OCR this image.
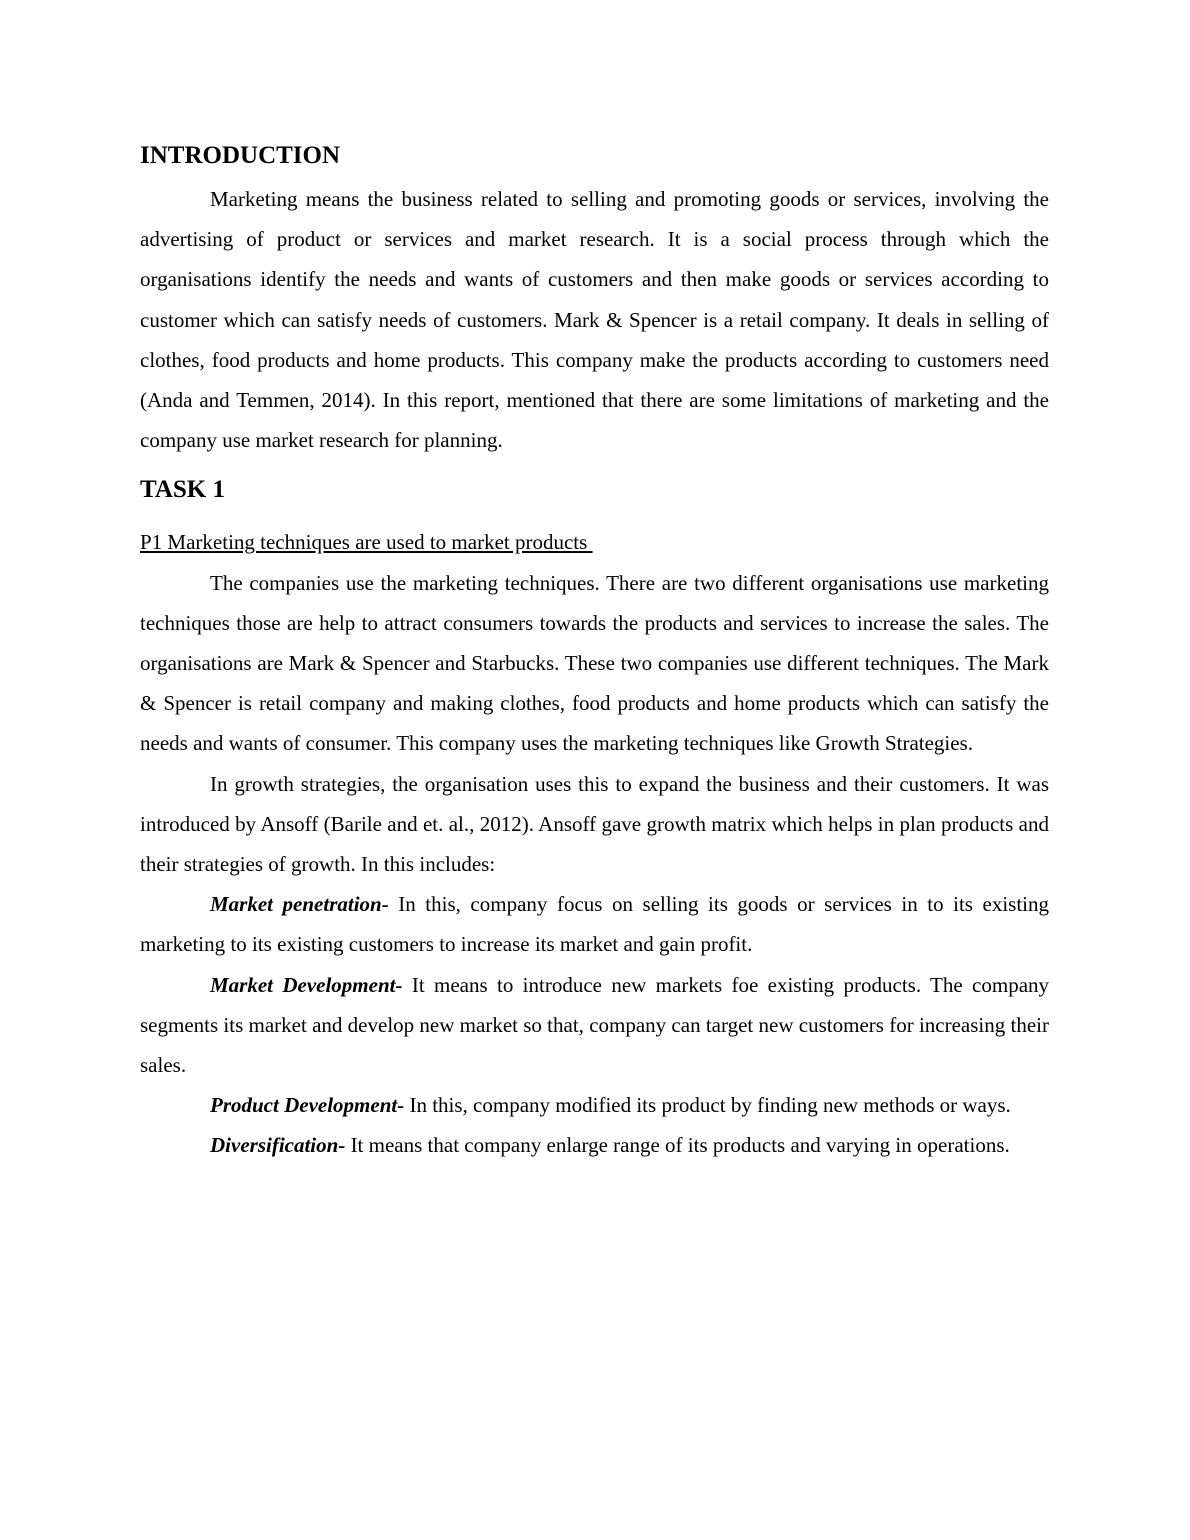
INTRODUCTION

Marketing means the business related to selling and promoting goods or services, involving the advertising of product or services and market research. It is a social process through which the organisations identify the needs and wants of customers and then make goods or services according to customer which can satisfy needs of customers. Mark & Spencer is a retail company. It deals in selling of clothes, food products and home products. This company make the products according to customers need (Anda and Temmen, 2014). In this report, mentioned that there are some limitations of marketing and the company use market research for planning.

TASK 1
P1 Marketing techniques are used to market products

The companies use the marketing techniques. There are two different organisations use marketing techniques those are help to attract consumers towards the products and services to increase the sales. The organisations are Mark & Spencer and Starbucks. These two companies use different techniques. The Mark & Spencer is retail company and making clothes, food products and home products which can satisfy the needs and wants of consumer. This company uses the marketing techniques like Growth Strategies.

In growth strategies, the organisation uses this to expand the business and their customers. It was introduced by Ansoff (Barile and et. al., 2012). Ansoff gave growth matrix which helps in plan products and their strategies of growth. In this includes:

Market penetration- In this, company focus on selling its goods or services in to its existing marketing to its existing customers to increase its market and gain profit.

Market Development- It means to introduce new markets foe existing products. The company segments its market and develop new market so that, company can target new customers for increasing their sales.

Product Development- In this, company modified its product by finding new methods or ways.

Diversification- It means that company enlarge range of its products and varying in operations.
